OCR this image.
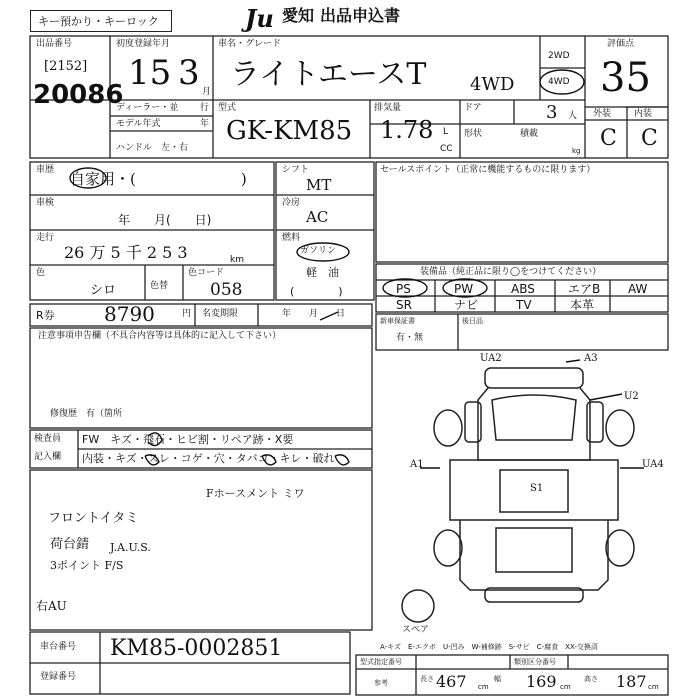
キー預かり・キーロック	Ju 愛知 出品申込書
出品番号
[2152]
20086
初度登録年月
15 3 月
車名・グレード
ライトエースT 4WD
2WD
4WD
評価点
35
外装	内装
C C
ディーラー・並 行
モデル年式	年
ハンドル　左・右
型式
GK-KM85
排気量
1.78 L
CC
ドア	3 人
形状	積載
kg
車歴 自家用・(　　　　　　　)
車検
年　　月(　　日)
走行
26 万 5 千 2 5 3	km
色
シロ	色替
色コード
058
シフト
MT
冷房
AC
燃料
ガソリン
軽　油
(　　　　)
セールスポイント（正常に機能するものに限ります）
装備品（純正品に限り◯をつけてください）
PS	PW	ABS	エアB AW
SR	ナビ	TV	本革
R券 8790	円 名変期限	年　　月　　日
注意事項申告欄（不具合内容等は具体的に記入して下さい）
修復歴　有（箇所
新車保証書
有・無
後日品
検査員
記入欄
FW　キズ・飛石・ヒビ割・リペア跡・X要
内装・キズ・スレ・コゲ・穴・タバコ・キレ・破れ
Fホースメント ミワ
フロントイタミ
荷台錆 J.A.U.S.
3ポイント F/S
右AU
UA2	A3
U2
A1	UA4
S1
スペア
車台番号 KM85-0002851
登録番号
A-キズ　E-エクボ　U-凹み　W-補修跡　S-サビ　C-腐食　XX-交換済
型式指定番号	類別区分番号
参考	長さ 467 cm
幅 169 cm
高さ 187 cm
